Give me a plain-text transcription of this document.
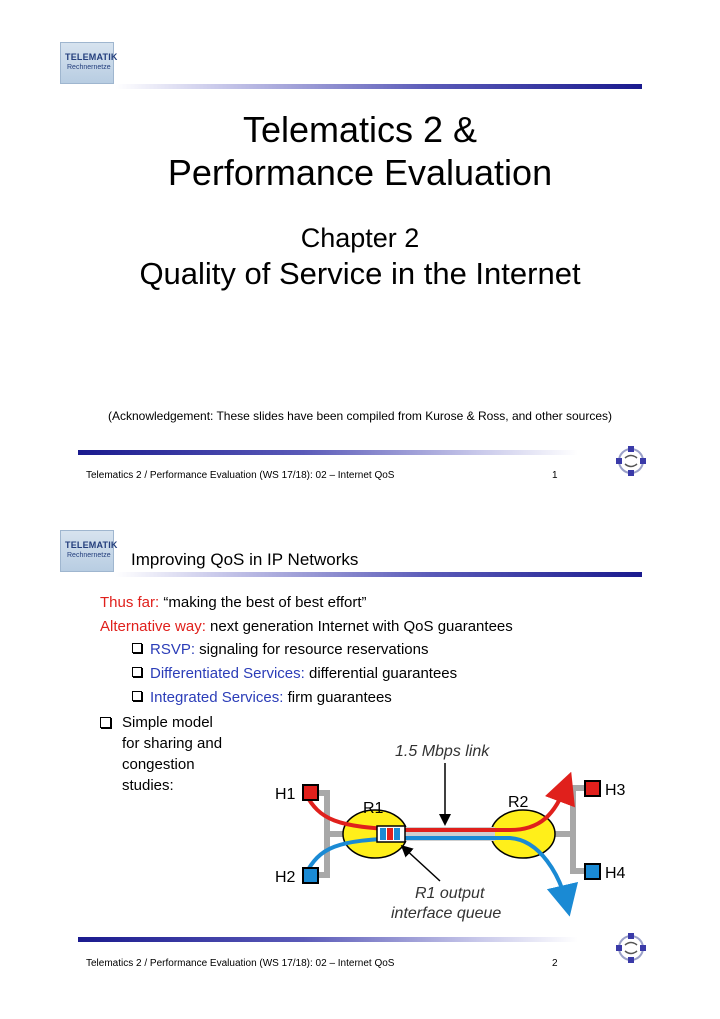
TELEMATIK
Rechnernetze
Telematics 2 &
Performance Evaluation
Chapter 2
Quality of Service in the Internet
(Acknowledgement: These slides have been compiled from Kurose & Ross, and other sources)
Telematics 2 / Performance Evaluation (WS 17/18): 02 – Internet QoS	1
TELEMATIK
Rechnernetze Improving QoS in IP Networks
Thus far: “making the best of best effort”
Alternative way: next generation Internet with QoS guarantees
RSVP: signaling for resource reservations
Differentiated Services: differential guarantees
Integrated Services: firm guarantees
Simple model
for sharing and
congestion
studies:
1.5 Mbps link
H1
H2
H3
H4
R1	R2
R1 output
interface queue
Telematics 2 / Performance Evaluation (WS 17/18): 02 – Internet QoS	2
